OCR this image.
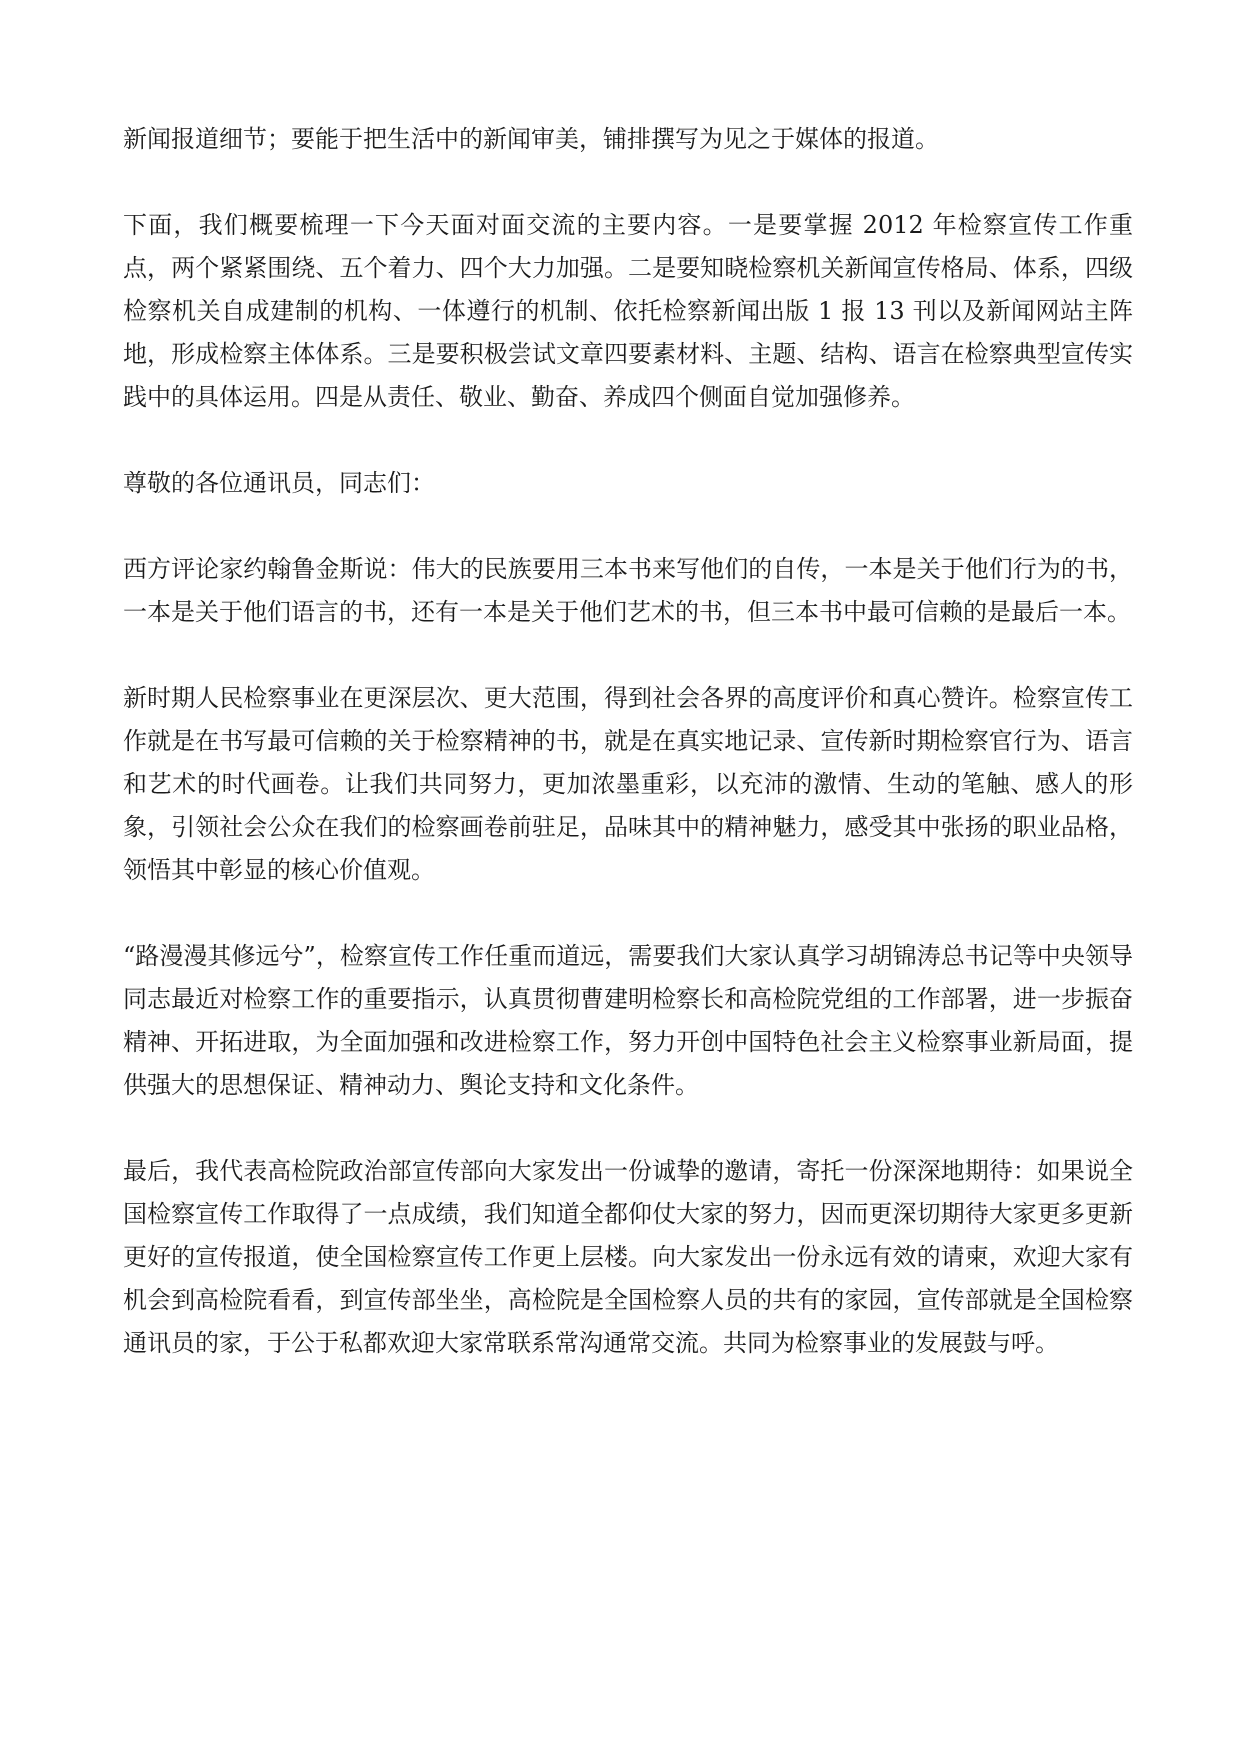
新闻报道细节；要能于把生活中的新闻审美，铺排撰写为见之于媒体的报道。

下面，我们概要梳理一下今天面对面交流的主要内容。一是要掌握 2012 年检察宣传工作重点，两个紧紧围绕、五个着力、四个大力加强。二是要知晓检察机关新闻宣传格局、体系，四级检察机关自成建制的机构、一体遵行的机制、依托检察新闻出版 1 报 13 刊以及新闻网站主阵地，形成检察主体体系。三是要积极尝试文章四要素材料、主题、结构、语言在检察典型宣传实践中的具体运用。四是从责任、敬业、勤奋、养成四个侧面自觉加强修养。

尊敬的各位通讯员，同志们：

西方评论家约翰鲁金斯说：伟大的民族要用三本书来写他们的自传，一本是关于他们行为的书，一本是关于他们语言的书，还有一本是关于他们艺术的书，但三本书中最可信赖的是最后一本。

新时期人民检察事业在更深层次、更大范围，得到社会各界的高度评价和真心赞许。检察宣传工作就是在书写最可信赖的关于检察精神的书，就是在真实地记录、宣传新时期检察官行为、语言和艺术的时代画卷。让我们共同努力，更加浓墨重彩，以充沛的激情、生动的笔触、感人的形象，引领社会公众在我们的检察画卷前驻足，品味其中的精神魅力，感受其中张扬的职业品格，领悟其中彰显的核心价值观。

“路漫漫其修远兮”，检察宣传工作任重而道远，需要我们大家认真学习胡锦涛总书记等中央领导同志最近对检察工作的重要指示，认真贯彻曹建明检察长和高检院党组的工作部署，进一步振奋精神、开拓进取，为全面加强和改进检察工作，努力开创中国特色社会主义检察事业新局面，提供强大的思想保证、精神动力、舆论支持和文化条件。

最后，我代表高检院政治部宣传部向大家发出一份诚挚的邀请，寄托一份深深地期待：如果说全国检察宣传工作取得了一点成绩，我们知道全都仰仗大家的努力，因而更深切期待大家更多更新更好的宣传报道，使全国检察宣传工作更上层楼。向大家发出一份永远有效的请柬，欢迎大家有机会到高检院看看，到宣传部坐坐，高检院是全国检察人员的共有的家园，宣传部就是全国检察通讯员的家，于公于私都欢迎大家常联系常沟通常交流。共同为检察事业的发展鼓与呼。
